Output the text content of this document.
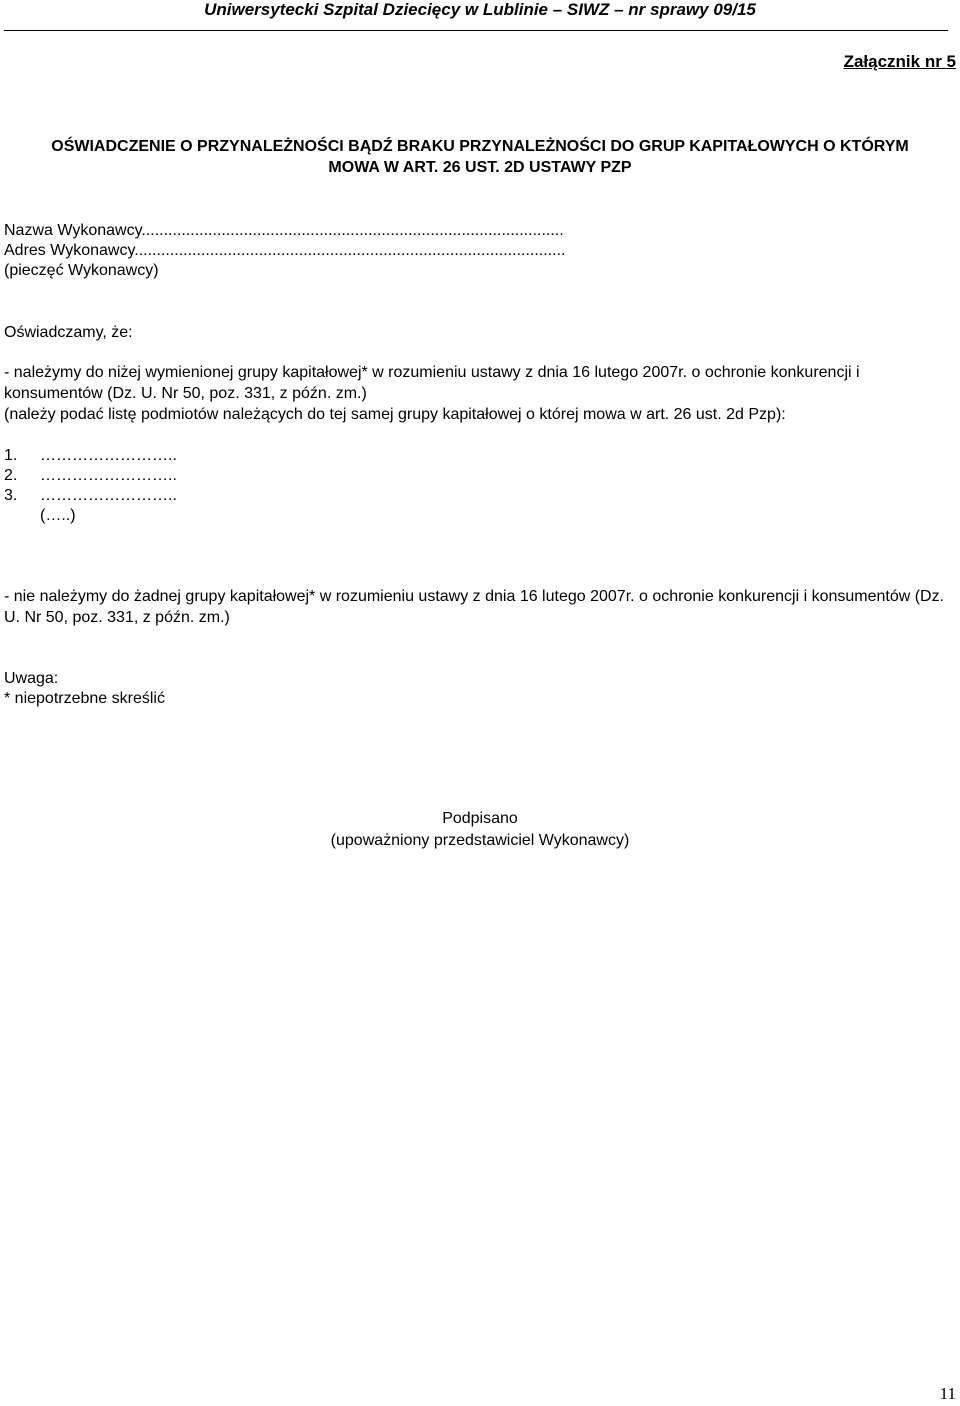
Uniwersytecki Szpital Dziecięcy w Lublinie – SIWZ – nr sprawy 09/15
Załącznik nr 5
OŚWIADCZENIE O PRZYNALEŻNOŚCI BĄDŹ BRAKU PRZYNALEŻNOŚCI DO GRUP KAPITAŁOWYCH O KTÓRYM
MOWA W ART. 26 UST. 2D USTAWY PZP
Nazwa Wykonawcy...............................................................................................
Adres Wykonawcy.................................................................................................
(pieczęć Wykonawcy)
Oświadczamy, że:
- należymy do niżej wymienionej grupy kapitałowej* w rozumieniu ustawy z dnia 16 lutego 2007r. o ochronie konkurencji i konsumentów (Dz. U. Nr 50, poz. 331, z późn. zm.)
(należy podać listę podmiotów należących do tej samej grupy kapitałowej o której mowa w art. 26 ust. 2d Pzp):
1. ……………………..
2. ……………………..
3. ……………………..
(…..)
- nie należymy do żadnej grupy kapitałowej* w rozumieniu ustawy z dnia 16 lutego 2007r. o ochronie konkurencji i konsumentów (Dz. U. Nr 50, poz. 331, z późn. zm.)
Uwaga:
* niepotrzebne skreślić
Podpisano
(upoważniony przedstawiciel Wykonawcy)
11
